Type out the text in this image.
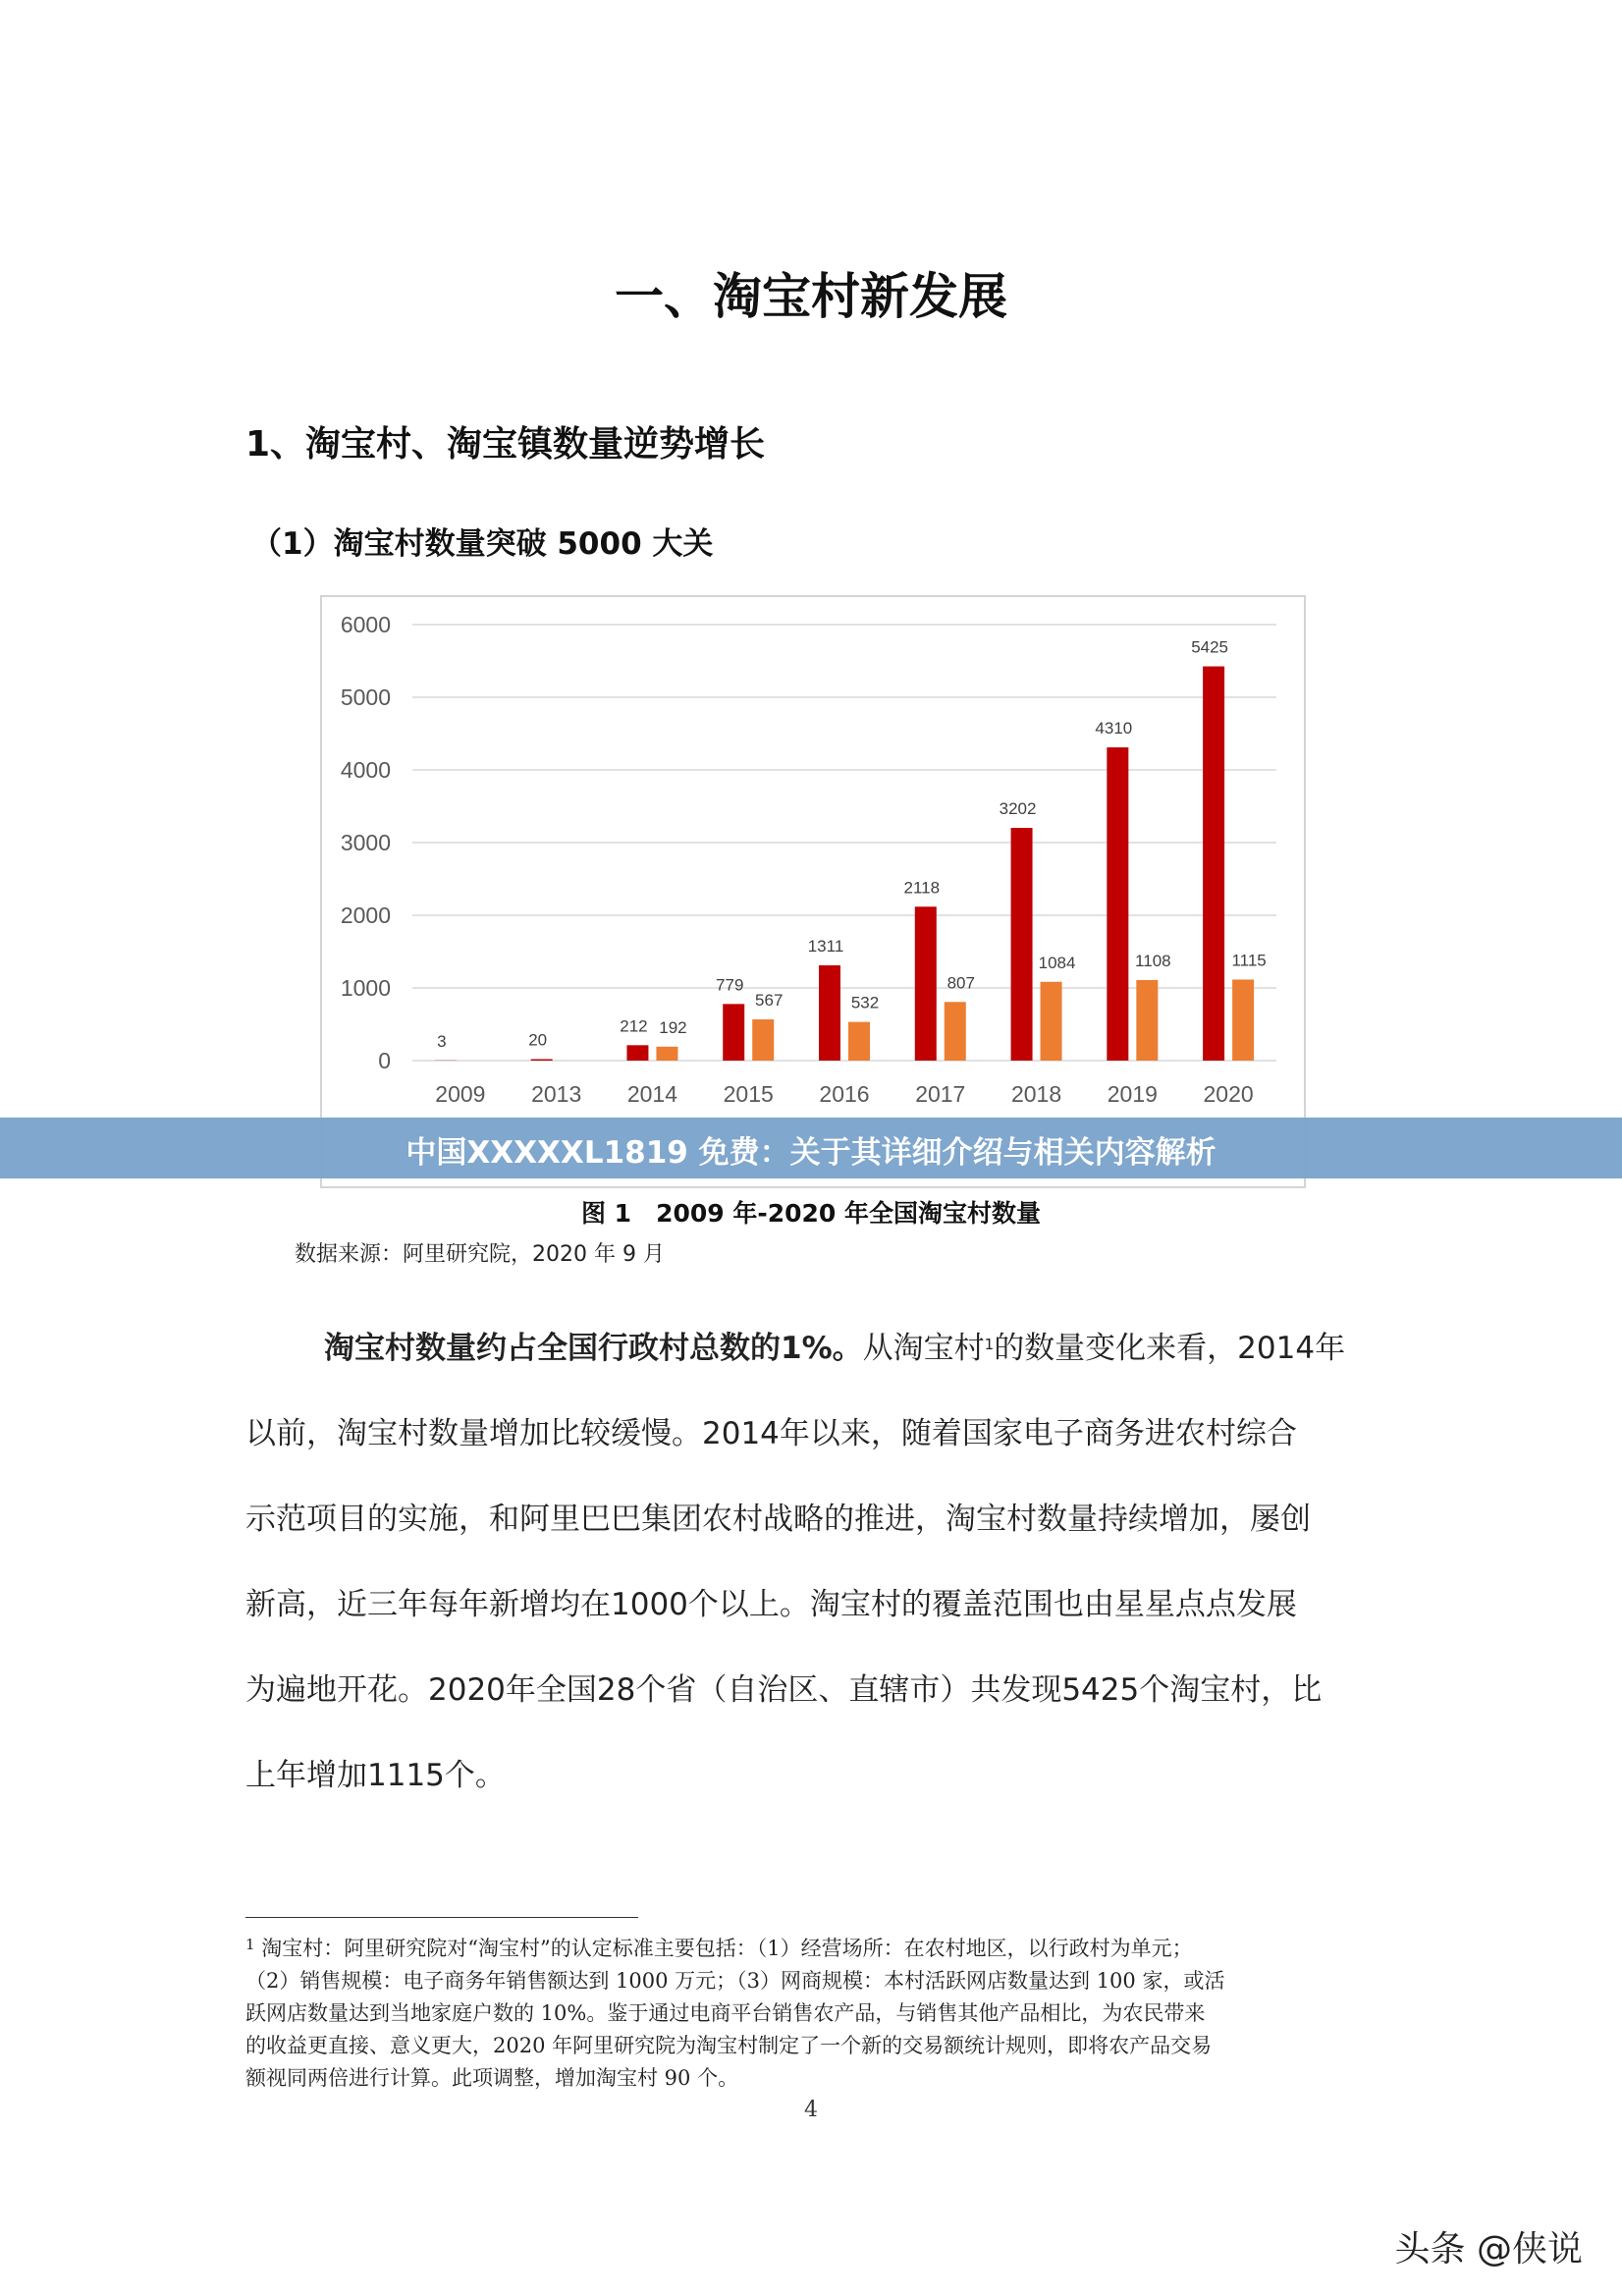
一、淘宝村新发展
1、淘宝村、淘宝镇数量逆势增长
（1）淘宝村数量突破 5000 大关
0
1000
2000
3000
4000
5000
6000
2009
3
2013
20
2014
212 192
2015
779
567
2016
1311
532
2017
2118
807
2018
3202
1084
2019
4310
1108
2020
5425
1115
中国XXXXXL1819 免费：关于其详细介绍与相关内容解析
图 1　2009 年-2020 年全国淘宝村数量
数据来源：阿里研究院，2020 年 9 月
淘宝村数量约占全国行政村总数的1%。从淘宝村$^1$的数量变化来看，2014年
以前，淘宝村数量增加比较缓慢。2014年以来，随着国家电子商务进农村综合
示范项目的实施，和阿里巴巴集团农村战略的推进，淘宝村数量持续增加，屡创
新高，近三年每年新增均在1000个以上。淘宝村的覆盖范围也由星星点点发展
为遍地开花。2020年全国28个省（自治区、直辖市）共发现5425个淘宝村，比
上年增加1115个。
$^1$ 淘宝村：阿里研究院对“淘宝村”的认定标准主要包括：（1）经营场所：在农村地区，以行政村为单元；
（2）销售规模：电子商务年销售额达到 1000 万元；（3）网商规模：本村活跃网店数量达到 100 家，或活
跃网店数量达到当地家庭户数的 10%。鉴于通过电商平台销售农产品，与销售其他产品相比，为农民带来
的收益更直接、意义更大，2020 年阿里研究院为淘宝村制定了一个新的交易额统计规则，即将农产品交易
额视同两倍进行计算。此项调整，增加淘宝村 90 个。
4
头条 @侠说
